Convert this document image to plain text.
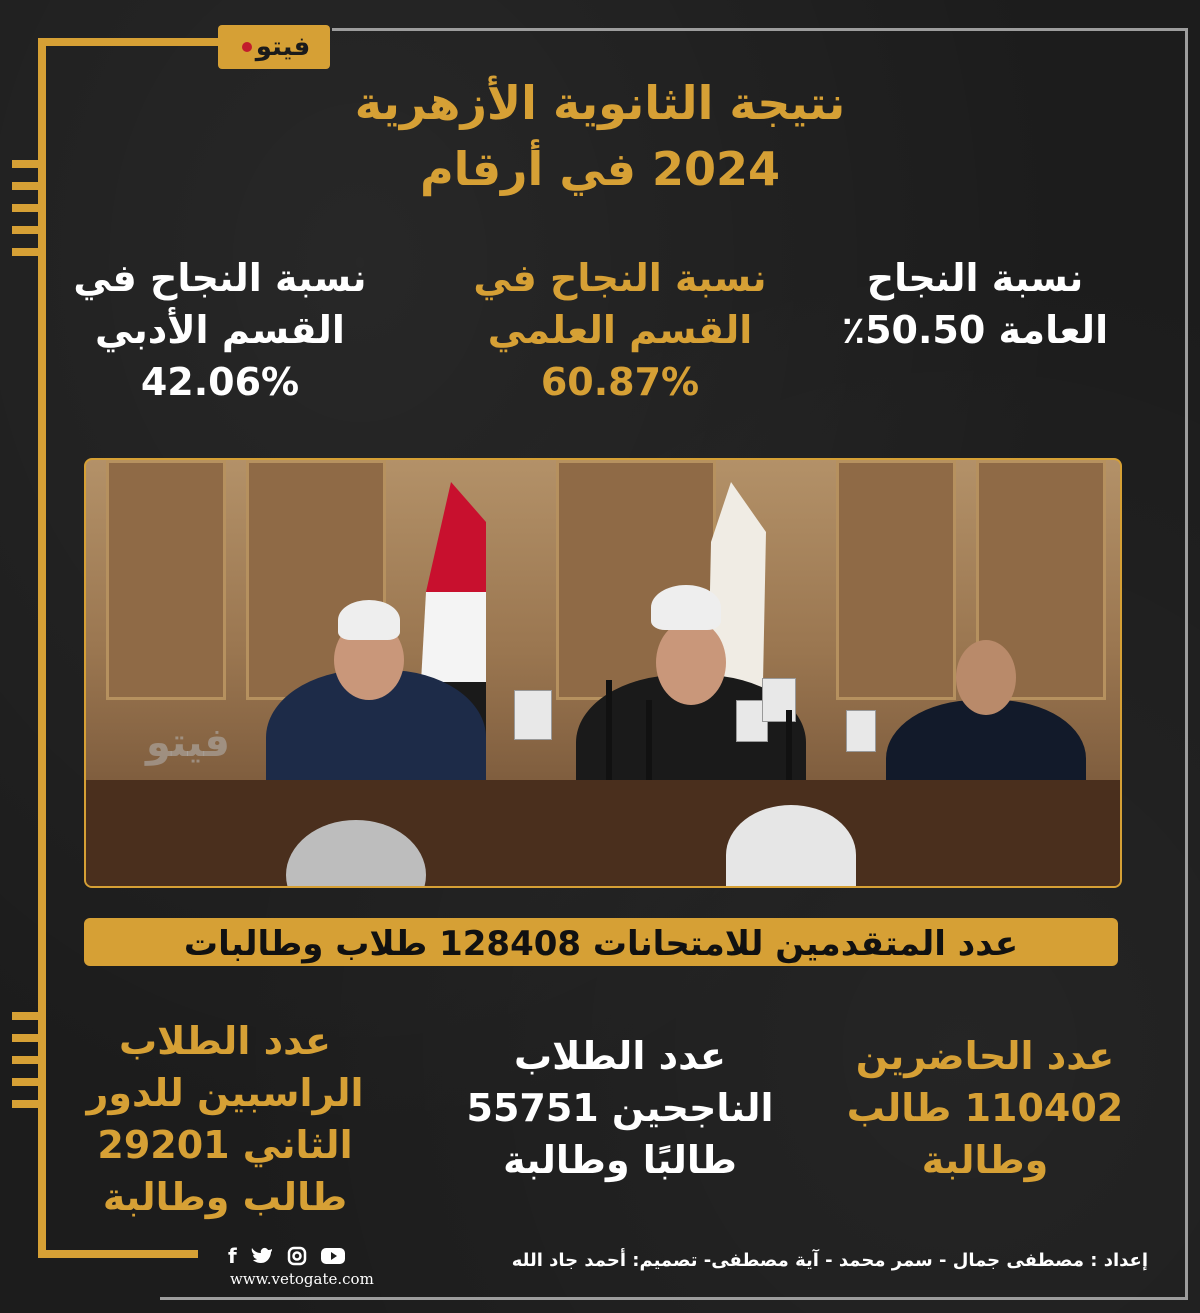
فيتو
نتيجة الثانوية الأزهرية
2024 في أرقام
نسبة النجاح
العامة 50.50٪
نسبة النجاح في
القسم العلمي
60.87%
نسبة النجاح في
القسم الأدبي
42.06%
فيتو
عدد المتقدمين للامتحانات 128408 طلاب وطالبات
عدد الحاضرين
110402 طالب
وطالبة
عدد الطلاب
الناجحين 55751
طالبًا وطالبة
عدد الطلاب
الراسبين للدور
الثاني 29201
طالب وطالبة
إعداد : مصطفى جمال - سمر محمد - آية مصطفى- تصميم: أحمد جاد الله
f
www.vetogate.com
